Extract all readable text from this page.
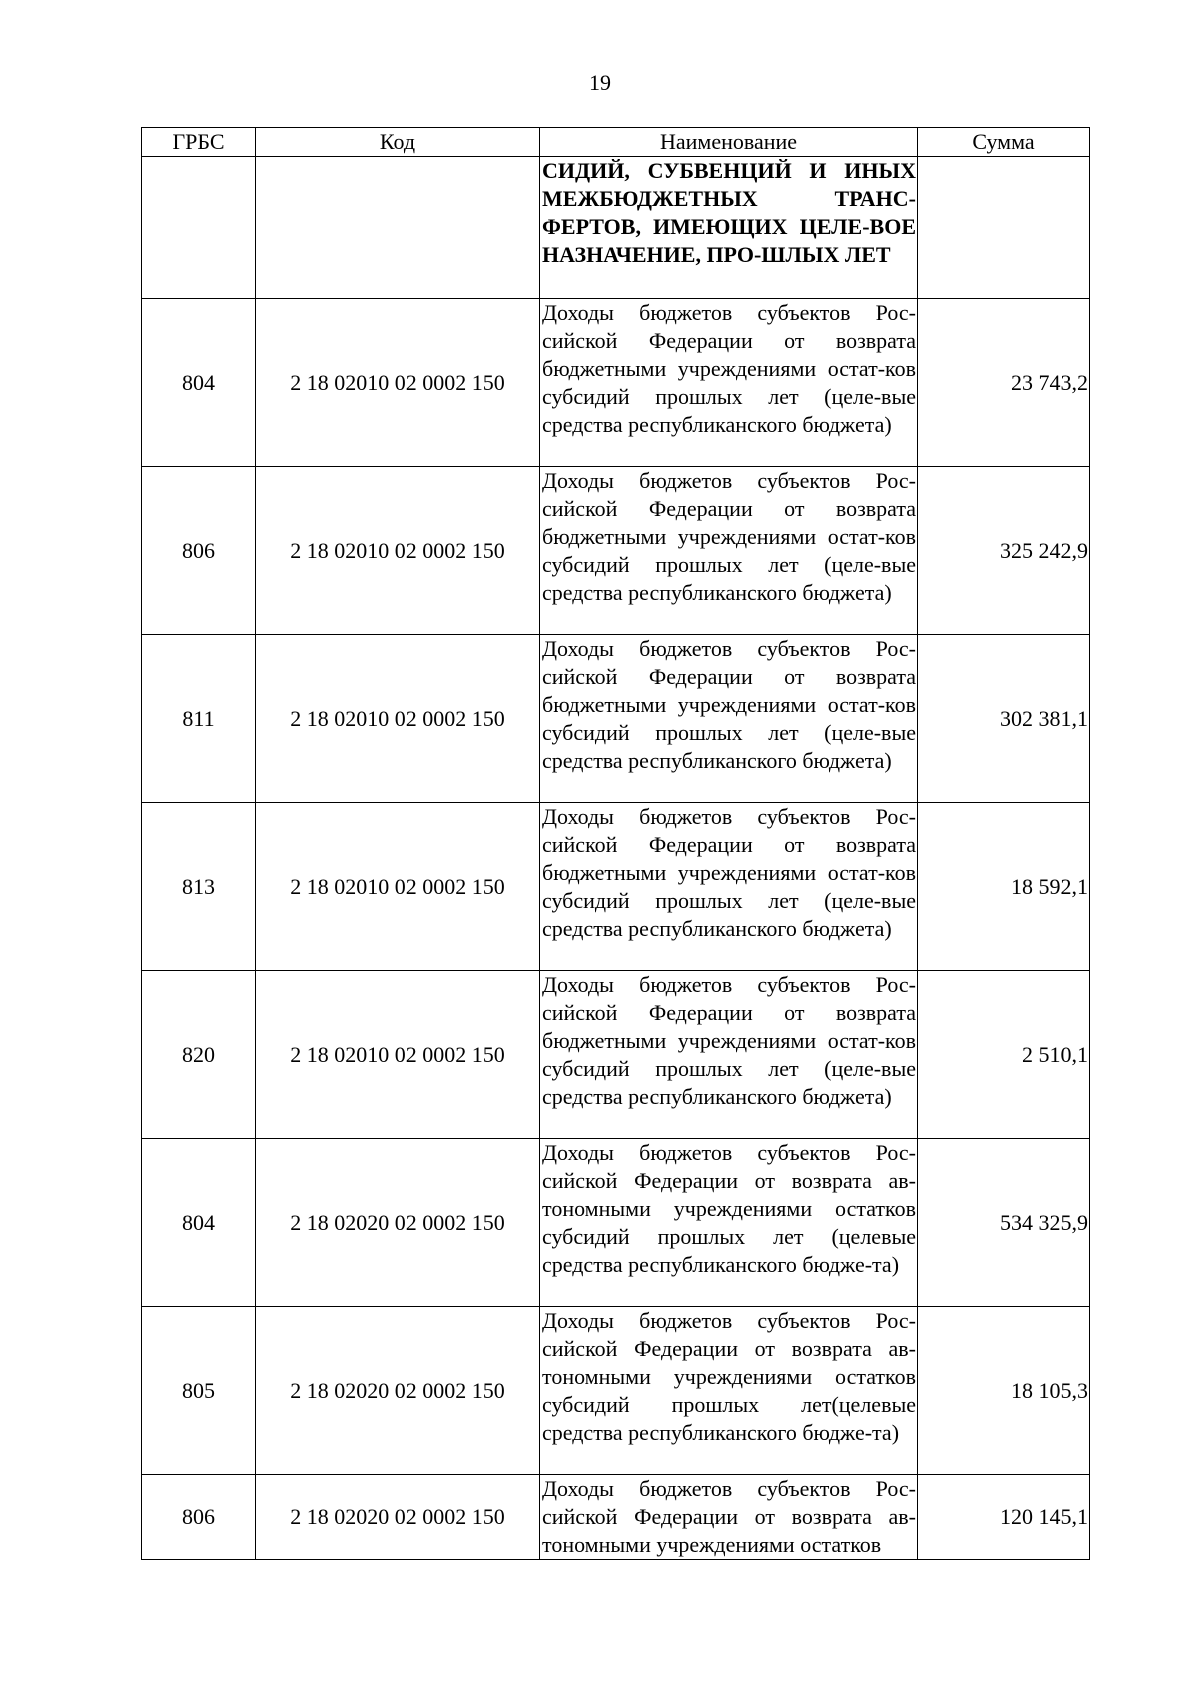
19
ГРБС	Код	Наименование	Сумма
		СИДИЙ, СУБВЕНЦИЙ И ИНЫХ МЕЖБЮДЖЕТНЫХ ТРАНС-ФЕРТОВ, ИМЕЮЩИХ ЦЕЛЕ-ВОЕ НАЗНАЧЕНИЕ, ПРО-ШЛЫХ ЛЕТ	
804	2 18 02010 02 0002 150	Доходы бюджетов субъектов Рос-сийской Федерации от возврата бюджетными учреждениями остат-ков субсидий прошлых лет (целе-вые средства республиканского бюджета)	23 743,2
806	2 18 02010 02 0002 150	Доходы бюджетов субъектов Рос-сийской Федерации от возврата бюджетными учреждениями остат-ков субсидий прошлых лет (целе-вые средства республиканского бюджета)	325 242,9
811	2 18 02010 02 0002 150	Доходы бюджетов субъектов Рос-сийской Федерации от возврата бюджетными учреждениями остат-ков субсидий прошлых лет (целе-вые средства республиканского бюджета)	302 381,1
813	2 18 02010 02 0002 150	Доходы бюджетов субъектов Рос-сийской Федерации от возврата бюджетными учреждениями остат-ков субсидий прошлых лет (целе-вые средства республиканского бюджета)	18 592,1
820	2 18 02010 02 0002 150	Доходы бюджетов субъектов Рос-сийской Федерации от возврата бюджетными учреждениями остат-ков субсидий прошлых лет (целе-вые средства республиканского бюджета)	2 510,1
804	2 18 02020 02 0002 150	Доходы бюджетов субъектов Рос-сийской Федерации от возврата ав-тономными учреждениями остатков субсидий прошлых лет (целевые средства республиканского бюдже-та)	534 325,9
805	2 18 02020 02 0002 150	Доходы бюджетов субъектов Рос-сийской Федерации от возврата ав-тономными учреждениями остатков субсидий прошлых лет(целевые средства республиканского бюдже-та)	18 105,3
806	2 18 02020 02 0002 150	Доходы бюджетов субъектов Рос-сийской Федерации от возврата ав-тономными учреждениями остатков	120 145,1
